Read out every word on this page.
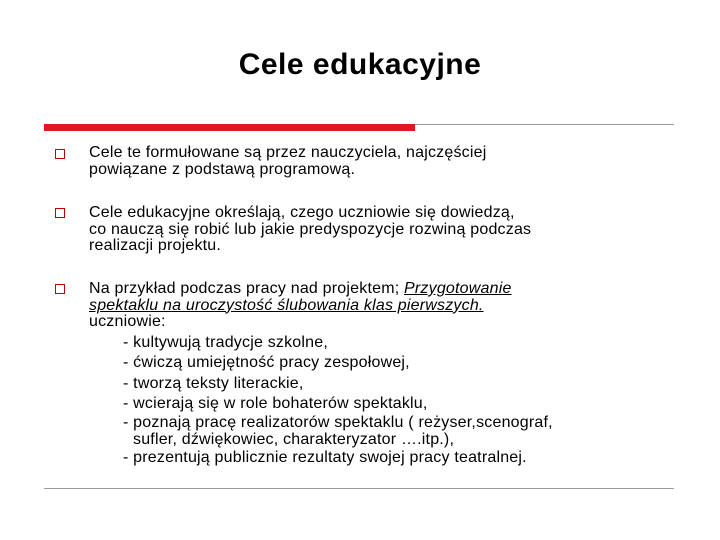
Cele edukacyjne
Cele te formułowane są przez nauczyciela, najczęściej
powiązane z podstawą programową.
Cele edukacyjne określają, czego uczniowie się dowiedzą,
co nauczą się robić lub jakie predyspozycje rozwiną podczas
realizacji projektu.
Na przykład podczas pracy nad projektem; Przygotowanie
spektaklu na uroczystość ślubowania klas pierwszych.
uczniowie:
- kultywują tradycje szkolne,
- ćwiczą umiejętność pracy zespołowej,
- tworzą teksty literackie,
- wcierają się w role bohaterów spektaklu,
- poznają pracę realizatorów spektaklu ( reżyser,scenograf,
sufler, dźwiękowiec, charakteryzator ….itp.),
- prezentują publicznie rezultaty swojej pracy teatralnej.
